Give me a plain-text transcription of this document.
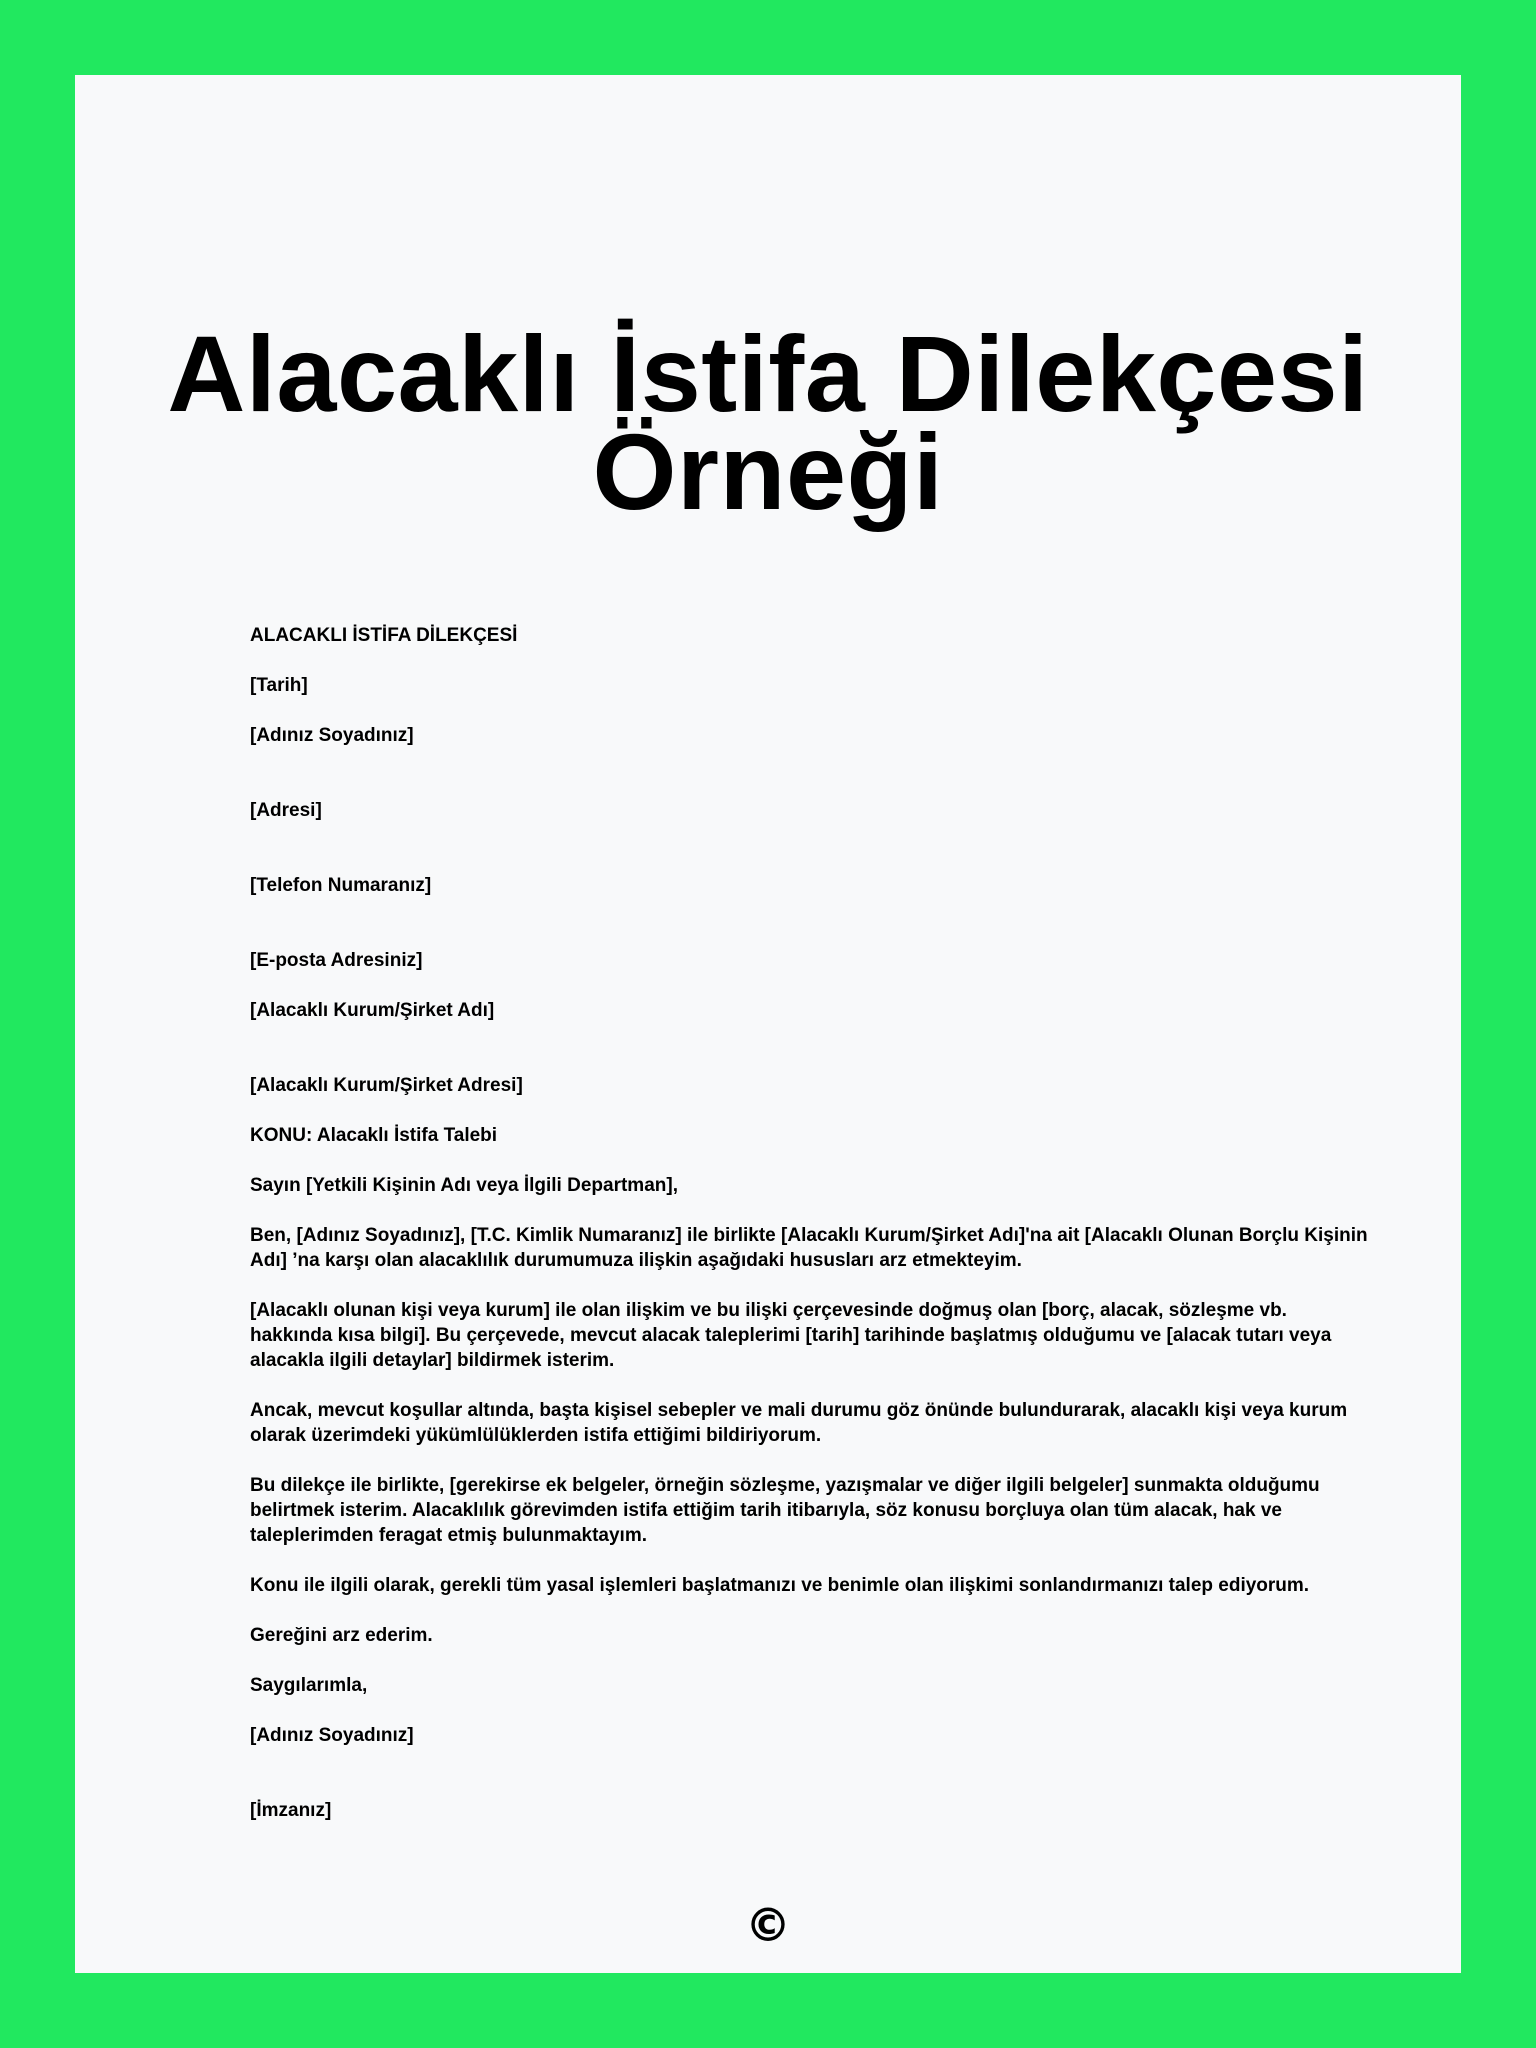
Alacaklı İstifa Dilekçesi Örneği

ALACAKLI İSTİFA DİLEKÇESİ

[Tarih]

[Adınız Soyadınız]

[Adresi]

[Telefon Numaranız]

[E-posta Adresiniz]

[Alacaklı Kurum/Şirket Adı]

[Alacaklı Kurum/Şirket Adresi]

KONU: Alacaklı İstifa Talebi

Sayın [Yetkili Kişinin Adı veya İlgili Departman],

Ben, [Adınız Soyadınız], [T.C. Kimlik Numaranız] ile birlikte [Alacaklı Kurum/Şirket Adı]'na ait [Alacaklı Olunan Borçlu Kişinin Adı] ’na karşı olan alacaklılık durumumuza ilişkin aşağıdaki hususları arz etmekteyim.

[Alacaklı olunan kişi veya kurum] ile olan ilişkim ve bu ilişki çerçevesinde doğmuş olan [borç, alacak, sözleşme vb. hakkında kısa bilgi]. Bu çerçevede, mevcut alacak taleplerimi [tarih] tarihinde başlatmış olduğumu ve [alacak tutarı veya alacakla ilgili detaylar] bildirmek isterim.

Ancak, mevcut koşullar altında, başta kişisel sebepler ve mali durumu göz önünde bulundurarak, alacaklı kişi veya kurum olarak üzerimdeki yükümlülüklerden istifa ettiğimi bildiriyorum.

Bu dilekçe ile birlikte, [gerekirse ek belgeler, örneğin sözleşme, yazışmalar ve diğer ilgili belgeler] sunmakta olduğumu belirtmek isterim. Alacaklılık görevimden istifa ettiğim tarih itibarıyla, söz konusu borçluya olan tüm alacak, hak ve taleplerimden feragat etmiş bulunmaktayım.

Konu ile ilgili olarak, gerekli tüm yasal işlemleri başlatmanızı ve benimle olan ilişkimi sonlandırmanızı talep ediyorum.

Gereğini arz ederim.

Saygılarımla,

[Adınız Soyadınız]

[İmzanız]

©
